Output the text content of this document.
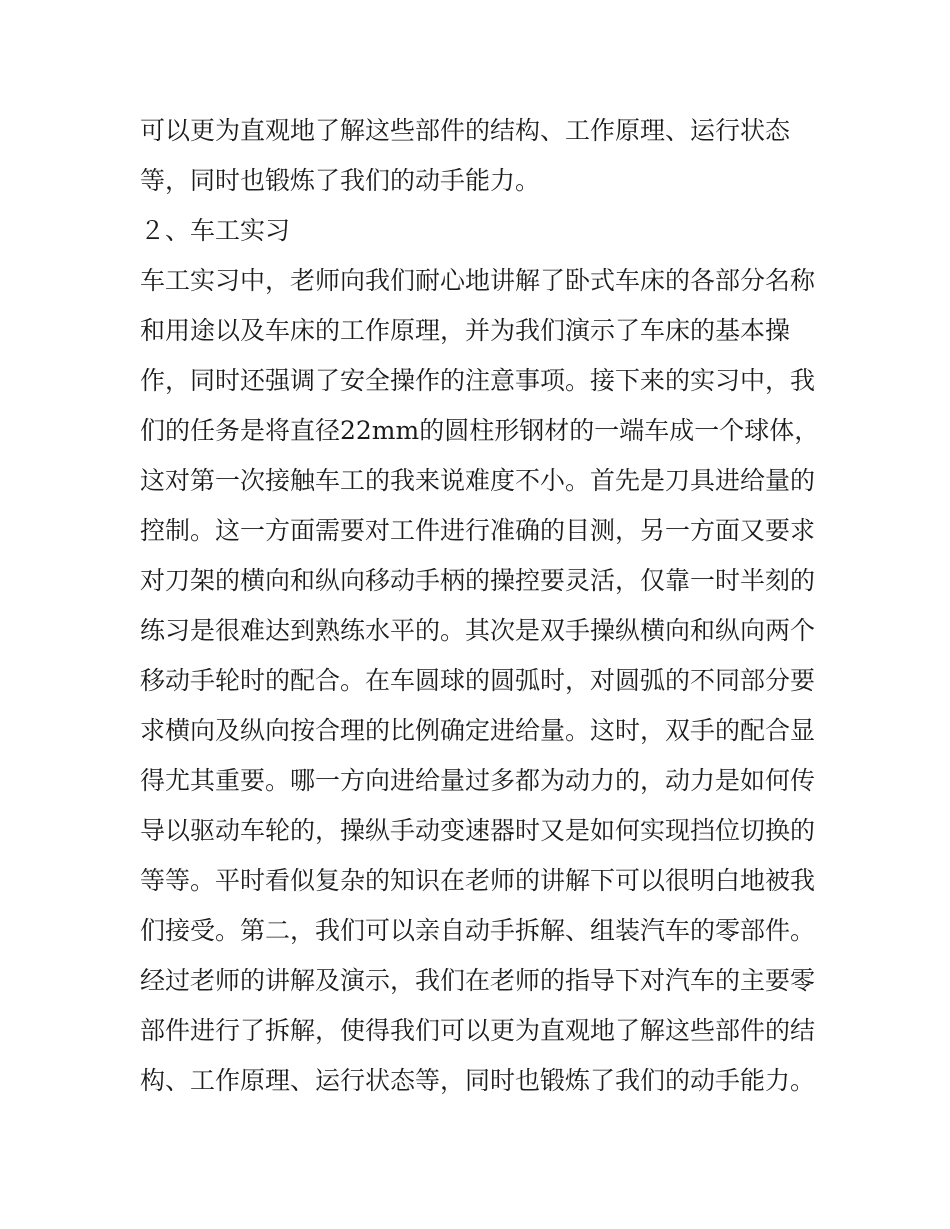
可以更为直观地了解这些部件的结构、工作原理、运行状态
等，同时也锻炼了我们的动手能力。
２、车工实习
车工实习中，老师向我们耐心地讲解了卧式车床的各部分名称
和用途以及车床的工作原理，并为我们演示了车床的基本操
作，同时还强调了安全操作的注意事项。接下来的实习中，我
们的任务是将直径22mm的圆柱形钢材的一端车成一个球体，
这对第一次接触车工的我来说难度不小。首先是刀具进给量的
控制。这一方面需要对工件进行准确的目测，另一方面又要求
对刀架的横向和纵向移动手柄的操控要灵活，仅靠一时半刻的
练习是很难达到熟练水平的。其次是双手操纵横向和纵向两个
移动手轮时的配合。在车圆球的圆弧时，对圆弧的不同部分要
求横向及纵向按合理的比例确定进给量。这时，双手的配合显
得尤其重要。哪一方向进给量过多都为动力的，动力是如何传
导以驱动车轮的，操纵手动变速器时又是如何实现挡位切换的
等等。平时看似复杂的知识在老师的讲解下可以很明白地被我
们接受。第二，我们可以亲自动手拆解、组装汽车的零部件。
经过老师的讲解及演示，我们在老师的指导下对汽车的主要零
部件进行了拆解，使得我们可以更为直观地了解这些部件的结
构、工作原理、运行状态等，同时也锻炼了我们的动手能力。
